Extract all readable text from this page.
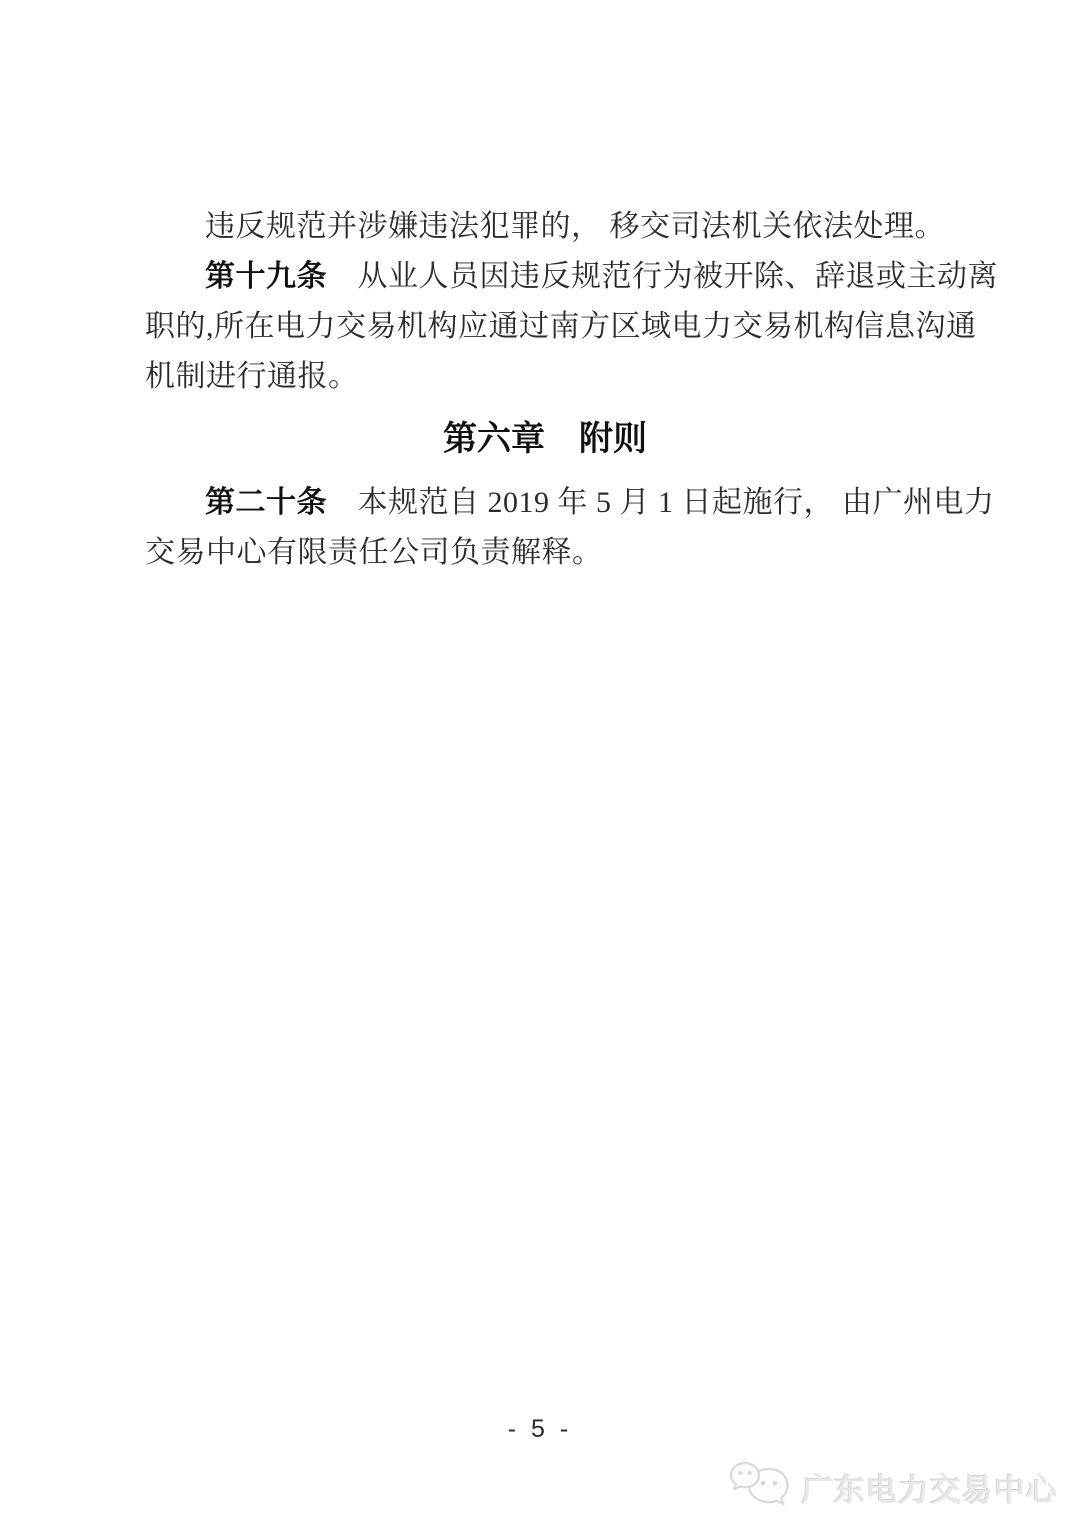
违反规范并涉嫌违法犯罪的， 移交司法机关依法处理。

第十九条　从业人员因违反规范行为被开除、辞退或主动离

职的,所在电力交易机构应通过南方区域电力交易机构信息沟通

机制进行通报。

第六章 附则

第二十条　本规范自 2019 年 5 月 1 日起施行， 由广州电力

交易中心有限责任公司负责解释。

- 5 -
广东电力交易中心
